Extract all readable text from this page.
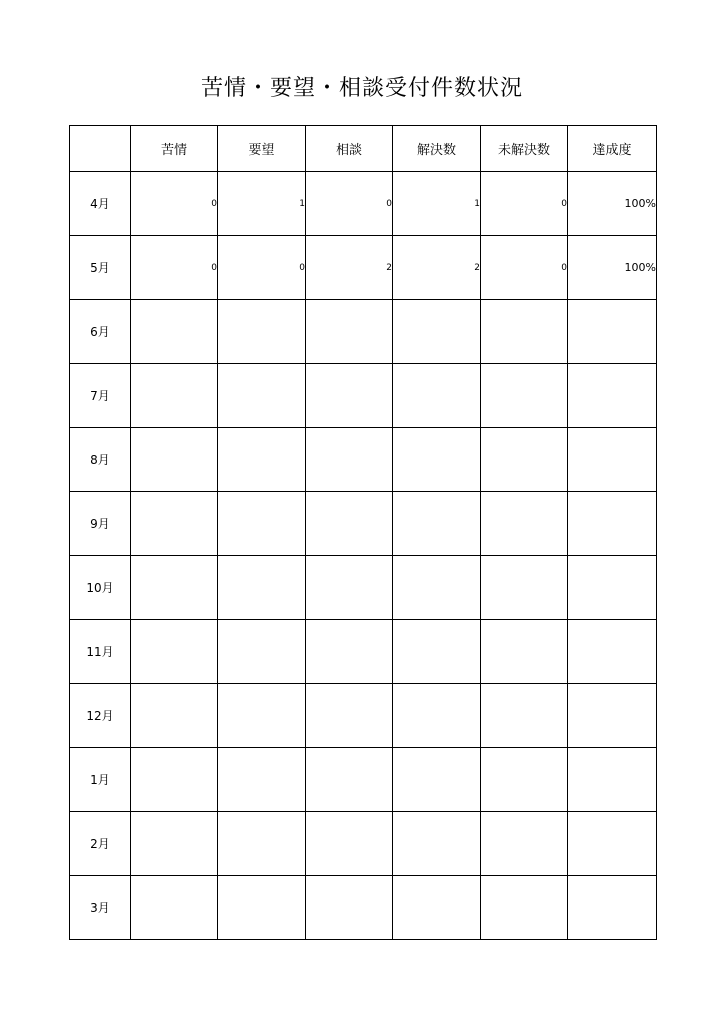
苦情・要望・相談受付件数状況
	苦情	要望	相談	解決数	未解決数	達成度
4月	0	1	0	1	0	100%
5月	0	0	2	2	0	100%
6月						
7月						
8月						
9月						
10月						
11月						
12月						
1月						
2月						
3月						
